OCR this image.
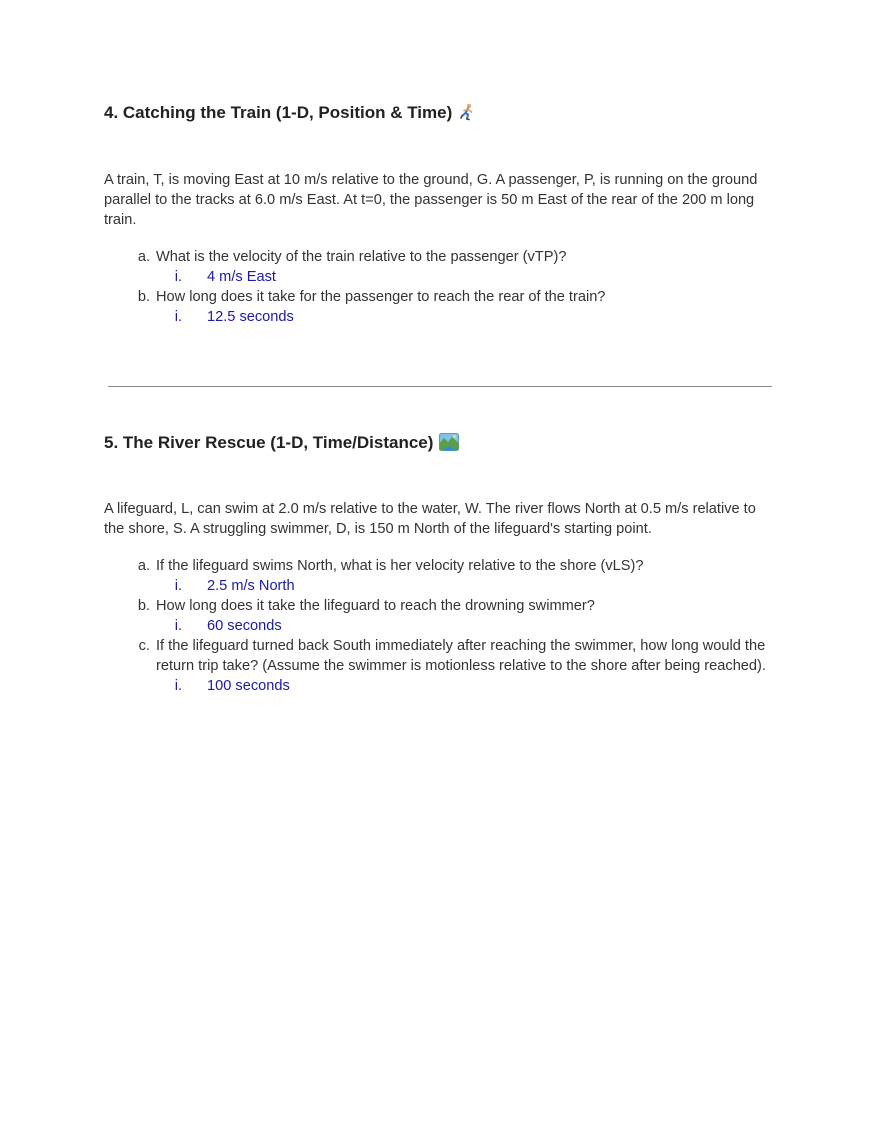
4. Catching the Train (1-D, Position & Time)

A train, T, is moving East at 10 m/s relative to the ground, G. A passenger, P, is running on the ground parallel to the tracks at 6.0 m/s East. At t=0, the passenger is 50 m East of the rear of the 200 m long train.

a. What is the velocity of the train relative to the passenger (vTP)?
i. 4 m/s East
b. How long does it take for the passenger to reach the rear of the train?
i. 12.5 seconds
5. The River Rescue (1-D, Time/Distance)

A lifeguard, L, can swim at 2.0 m/s relative to the water, W. The river flows North at 0.5 m/s relative to the shore, S. A struggling swimmer, D, is 150 m North of the lifeguard's starting point.

a. If the lifeguard swims North, what is her velocity relative to the shore (vLS)?
i. 2.5 m/s North
b. How long does it take the lifeguard to reach the drowning swimmer?
i. 60 seconds
c. If the lifeguard turned back South immediately after reaching the swimmer, how long would the return trip take? (Assume the swimmer is motionless relative to the shore after being reached).
i. 100 seconds
